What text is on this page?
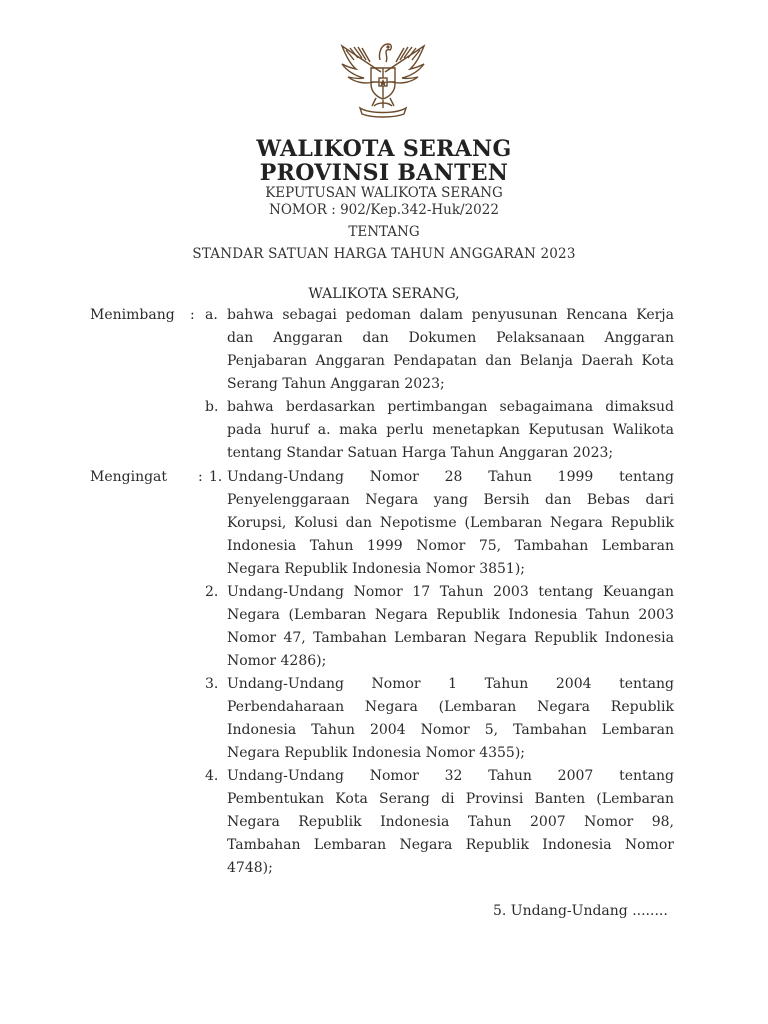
WALIKOTA SERANG
PROVINSI BANTEN
KEPUTUSAN WALIKOTA SERANG
NOMOR : 902/Kep.342-Huk/2022
TENTANG
STANDAR SATUAN HARGA TAHUN ANGGARAN 2023
WALIKOTA SERANG,
Menimbang : a. bahwa sebagai pedoman dalam penyusunan Rencana Kerja
dan Anggaran dan Dokumen Pelaksanaan Anggaran
Penjabaran Anggaran Pendapatan dan Belanja Daerah Kota
Serang Tahun Anggaran 2023;
b. bahwa berdasarkan pertimbangan sebagaimana dimaksud
pada huruf a. maka perlu menetapkan Keputusan Walikota
tentang Standar Satuan Harga Tahun Anggaran 2023;
Mengingat : 1. Undang-Undang Nomor 28 Tahun 1999 tentang
Penyelenggaraan Negara yang Bersih dan Bebas dari
Korupsi, Kolusi dan Nepotisme (Lembaran Negara Republik
Indonesia Tahun 1999 Nomor 75, Tambahan Lembaran
Negara Republik Indonesia Nomor 3851);
2. Undang-Undang Nomor 17 Tahun 2003 tentang Keuangan
Negara (Lembaran Negara Republik Indonesia Tahun 2003
Nomor 47, Tambahan Lembaran Negara Republik Indonesia
Nomor 4286);
3. Undang-Undang Nomor 1 Tahun 2004 tentang
Perbendaharaan Negara (Lembaran Negara Republik
Indonesia Tahun 2004 Nomor 5, Tambahan Lembaran
Negara Republik Indonesia Nomor 4355);
4. Undang-Undang Nomor 32 Tahun 2007 tentang
Pembentukan Kota Serang di Provinsi Banten (Lembaran
Negara Republik Indonesia Tahun 2007 Nomor 98,
Tambahan Lembaran Negara Republik Indonesia Nomor
4748);
5. Undang-Undang ........
